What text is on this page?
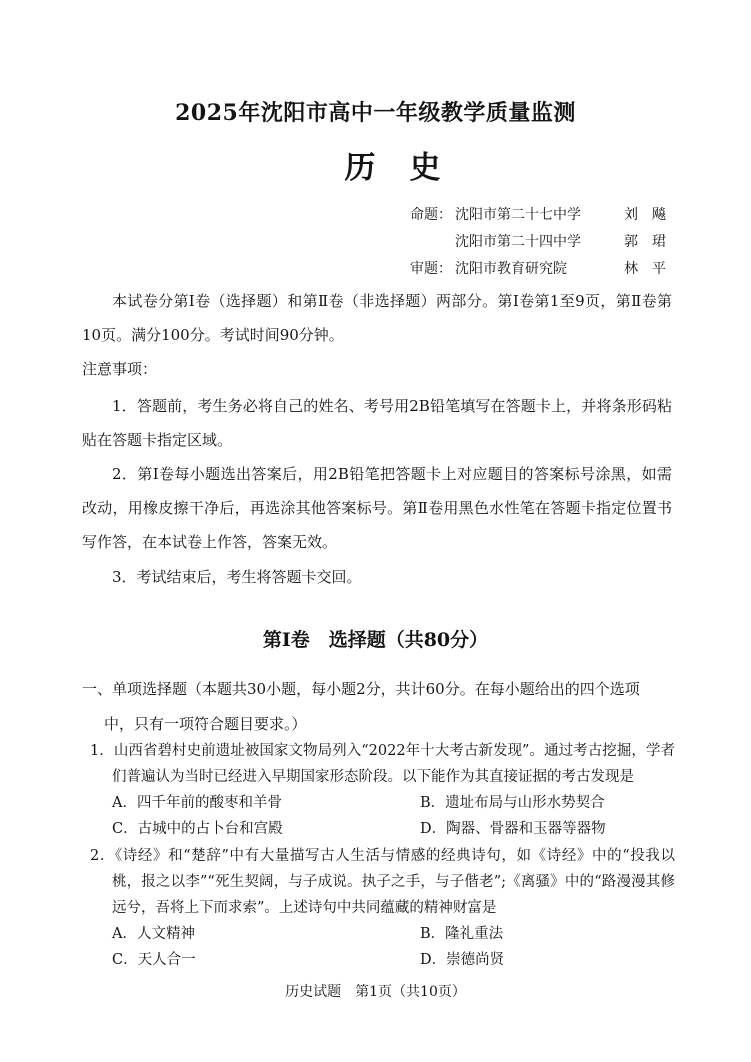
2025年沈阳市高中一年级教学质量监测
历史
命题： 沈阳市第二十七中学	刘飚
沈阳市第二十四中学	郭珺
审题： 沈阳市教育研究院	林平

本试卷分第Ⅰ卷（选择题）和第Ⅱ卷（非选择题）两部分。第Ⅰ卷第1至9页，第Ⅱ卷第10页。满分100分。考试时间90分钟。

注意事项：

1．答题前，考生务必将自己的姓名、考号用2B铅笔填写在答题卡上，并将条形码粘贴在答题卡指定区域。

2．第Ⅰ卷每小题选出答案后，用2B铅笔把答题卡上对应题目的答案标号涂黑，如需改动，用橡皮擦干净后，再选涂其他答案标号。第Ⅱ卷用黑色水性笔在答题卡指定位置书写作答，在本试卷上作答，答案无效。

3．考试结束后，考生将答题卡交回。

第Ⅰ卷　选择题（共80分）
一、单项选择题（本题共30小题，每小题2分，共计60分。在每小题给出的四个选项
中，只有一项符合题目要求。）

1．山西省碧村史前遗址被国家文物局列入“2022年十大考古新发现”。通过考古挖掘，学者们普遍认为当时已经进入早期国家形态阶段。以下能作为其直接证据的考古发现是

A．四千年前的酸枣和羊骨	B．遗址布局与山形水势契合
C．古城中的占卜台和宫殿	D．陶器、骨器和玉器等器物

2．《诗经》和“楚辞”中有大量描写古人生活与情感的经典诗句，如《诗经》中的“投我以桃，报之以李”“死生契阔，与子成说。执子之手，与子偕老”;《离骚》中的“路漫漫其修远兮，吾将上下而求索”。上述诗句中共同蕴藏的精神财富是

A．人文精神	B．隆礼重法
C．天人合一	D．崇德尚贤
历史试题　第1页（共10页）
